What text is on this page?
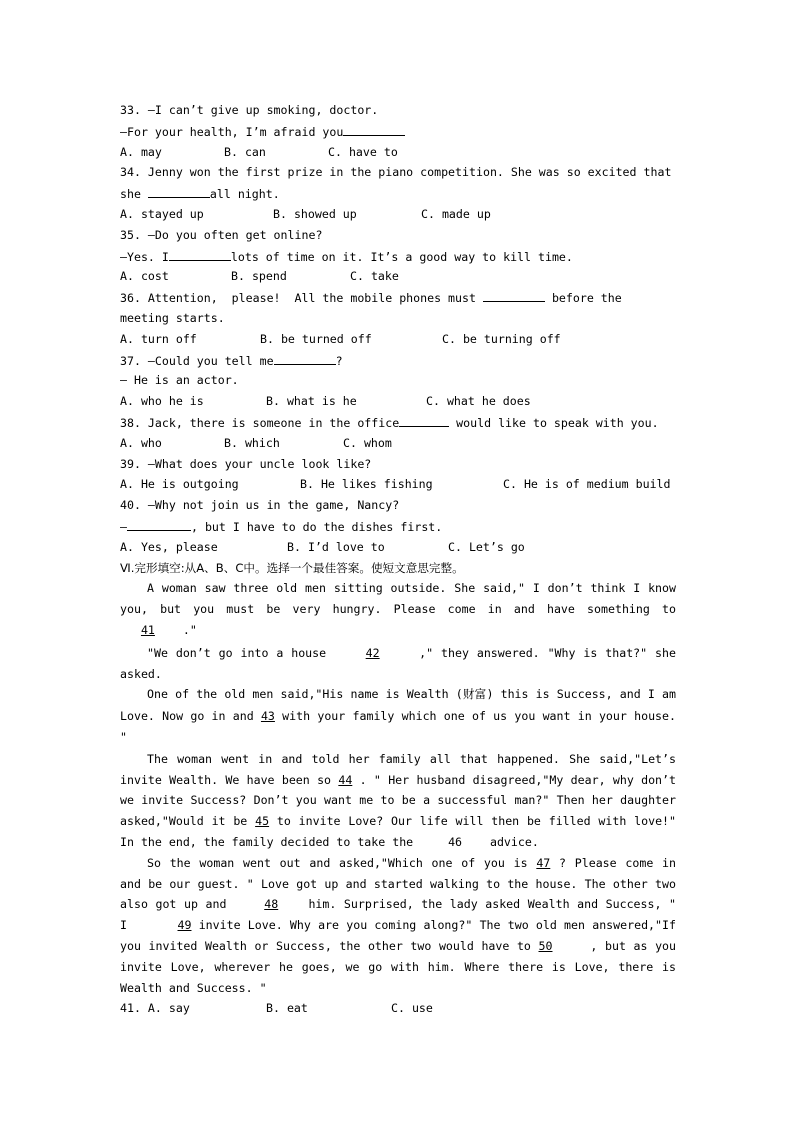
33. —I can’t give up smoking, doctor.
—For your health, I’m afraid you
A. may	B. can	C. have to
34. Jenny won the first prize in the piano competition. She was so excited that
she	all night.
A. stayed up	B. showed up	C. made up
35. —Do you often get online?
—Yes. I	lots of time on it. It’s a good way to kill time.
A. cost	B. spend	C. take
36. Attention,  please!  All the mobile phones must	before the
meeting starts.
A. turn off	B. be turned off	C. be turning off
37. —Could you tell me	?
— He is an actor.
A. who he is	B. what is he	C. what he does
38. Jack, there is someone in the office	would like to speak with you.
A. who	B. which	C. whom
39. —What does your uncle look like?
A. He is outgoing	B. He likes fishing	C. He is of medium build
40. —Why not join us in the game, Nancy?
—	, but I have to do the dishes first.
A. Yes, please	B. I’d love to	C. Let’s go
Ⅵ.完形填空:从A、B、C中。选择一个最佳答案。使短文意思完整。
A woman saw three old men sitting outside. She said," I don’t think I know you, but you must be very hungry. Please come in and have something to    41 ."
"We don’t go into a house	42	," they answered. "Why is that?" she asked.
One of the old men said,"His name is Wealth (财富) this is Success, and I am Love. Now go in and 43 with your family which one of us you want in your house. "
The woman went in and told her family all that happened. She said,"Let’s invite Wealth. We have been so 44 . " Her husband disagreed,"My dear, why don’t we invite Success? Don’t you want me to be a successful man?" Then her daughter asked,"Would it be 45 to invite Love? Our life will then be filled with love!" In the end, the family decided to take the	46 advice.
So the woman went out and asked,"Which one of you is 47 ? Please come in and be our guest. " Love got up and started walking to the house. The other two also got up and	48	him. Surprised, the lady asked Wealth and Success, " I	49 invite Love. Why are you coming along?" The two old men answered,"If you invited Wealth or Success, the other two would have to 50	, but as you invite Love, wherever he goes, we go with him. Where there is Love, there is Wealth and Success. "
41. A. say	B. eat	C. use
